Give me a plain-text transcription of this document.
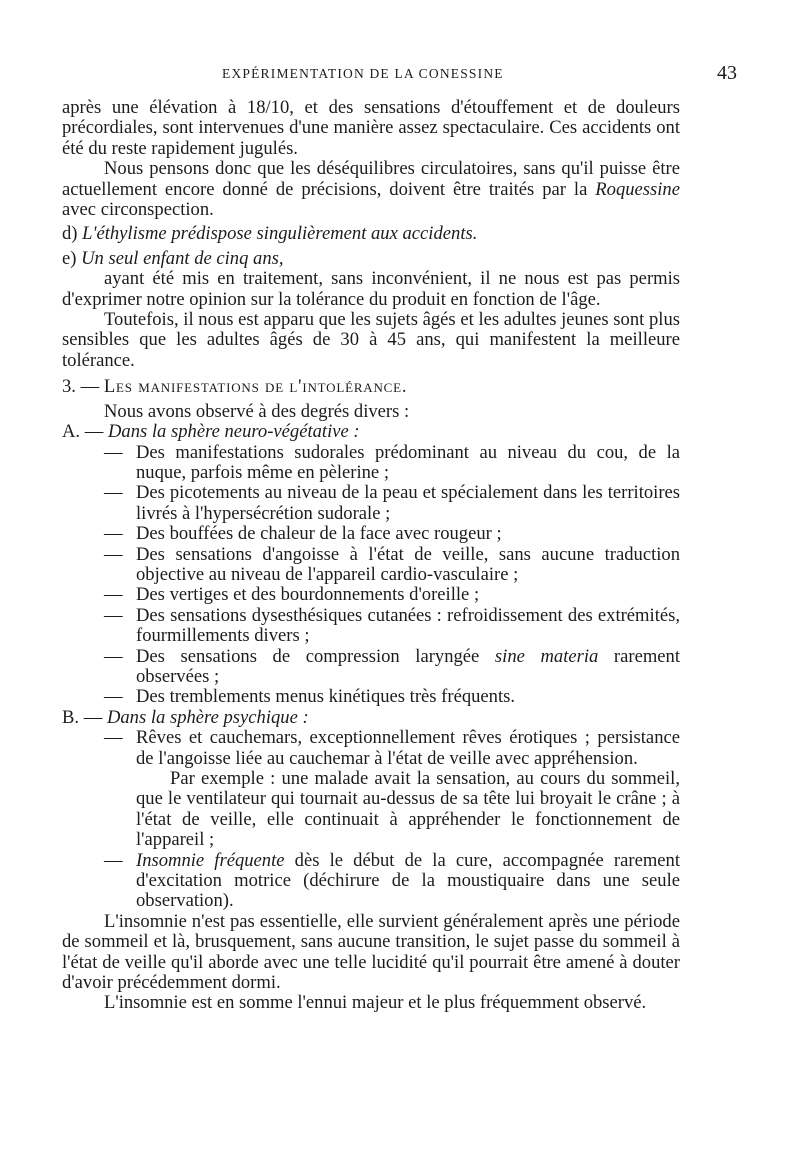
EXPÉRIMENTATION DE LA CONESSINE	43

après une élévation à 18/10, et des sensations d'étouffement et de douleurs précordiales, sont intervenues d'une manière assez spectaculaire. Ces accidents ont été du reste rapidement jugulés.

Nous pensons donc que les déséquilibres circulatoires, sans qu'il puisse être actuellement encore donné de précisions, doivent être traités par la Roquessine avec circonspection.

d) L'éthylisme prédispose singulièrement aux accidents.

e) Un seul enfant de cinq ans,

ayant été mis en traitement, sans inconvénient, il ne nous est pas permis d'exprimer notre opinion sur la tolérance du produit en fonction de l'âge.

Toutefois, il nous est apparu que les sujets âgés et les adultes jeunes sont plus sensibles que les adultes âgés de 30 à 45 ans, qui manifestent la meilleure tolérance.

3. — Les manifestations de l'intolérance.

Nous avons observé à des degrés divers :

A. — Dans la sphère neuro-végétative :

— Des manifestations sudorales prédominant au niveau du cou, de la nuque, parfois même en pèlerine ;
— Des picotements au niveau de la peau et spécialement dans les territoires livrés à l'hypersécrétion sudorale ;
— Des bouffées de chaleur de la face avec rougeur ;
— Des sensations d'angoisse à l'état de veille, sans aucune traduction objective au niveau de l'appareil cardio-vasculaire ;
— Des vertiges et des bourdonnements d'oreille ;
— Des sensations dysesthésiques cutanées : refroidissement des extrémités, fourmillements divers ;
— Des sensations de compression laryngée sine materia rarement observées ;
— Des tremblements menus kinétiques très fréquents.

B. — Dans la sphère psychique :

— Rêves et cauchemars, exceptionnellement rêves érotiques ; persistance de l'angoisse liée au cauchemar à l'état de veille avec appréhension.

Par exemple : une malade avait la sensation, au cours du sommeil, que le ventilateur qui tournait au-dessus de sa tête lui broyait le crâne ; à l'état de veille, elle continuait à appréhender le fonctionnement de l'appareil ;

— Insomnie fréquente dès le début de la cure, accompagnée rarement d'excitation motrice (déchirure de la moustiquaire dans une seule observation).

L'insomnie n'est pas essentielle, elle survient généralement après une période de sommeil et là, brusquement, sans aucune transition, le sujet passe du sommeil à l'état de veille qu'il aborde avec une telle lucidité qu'il pourrait être amené à douter d'avoir précédemment dormi.

L'insomnie est en somme l'ennui majeur et le plus fréquemment observé.
